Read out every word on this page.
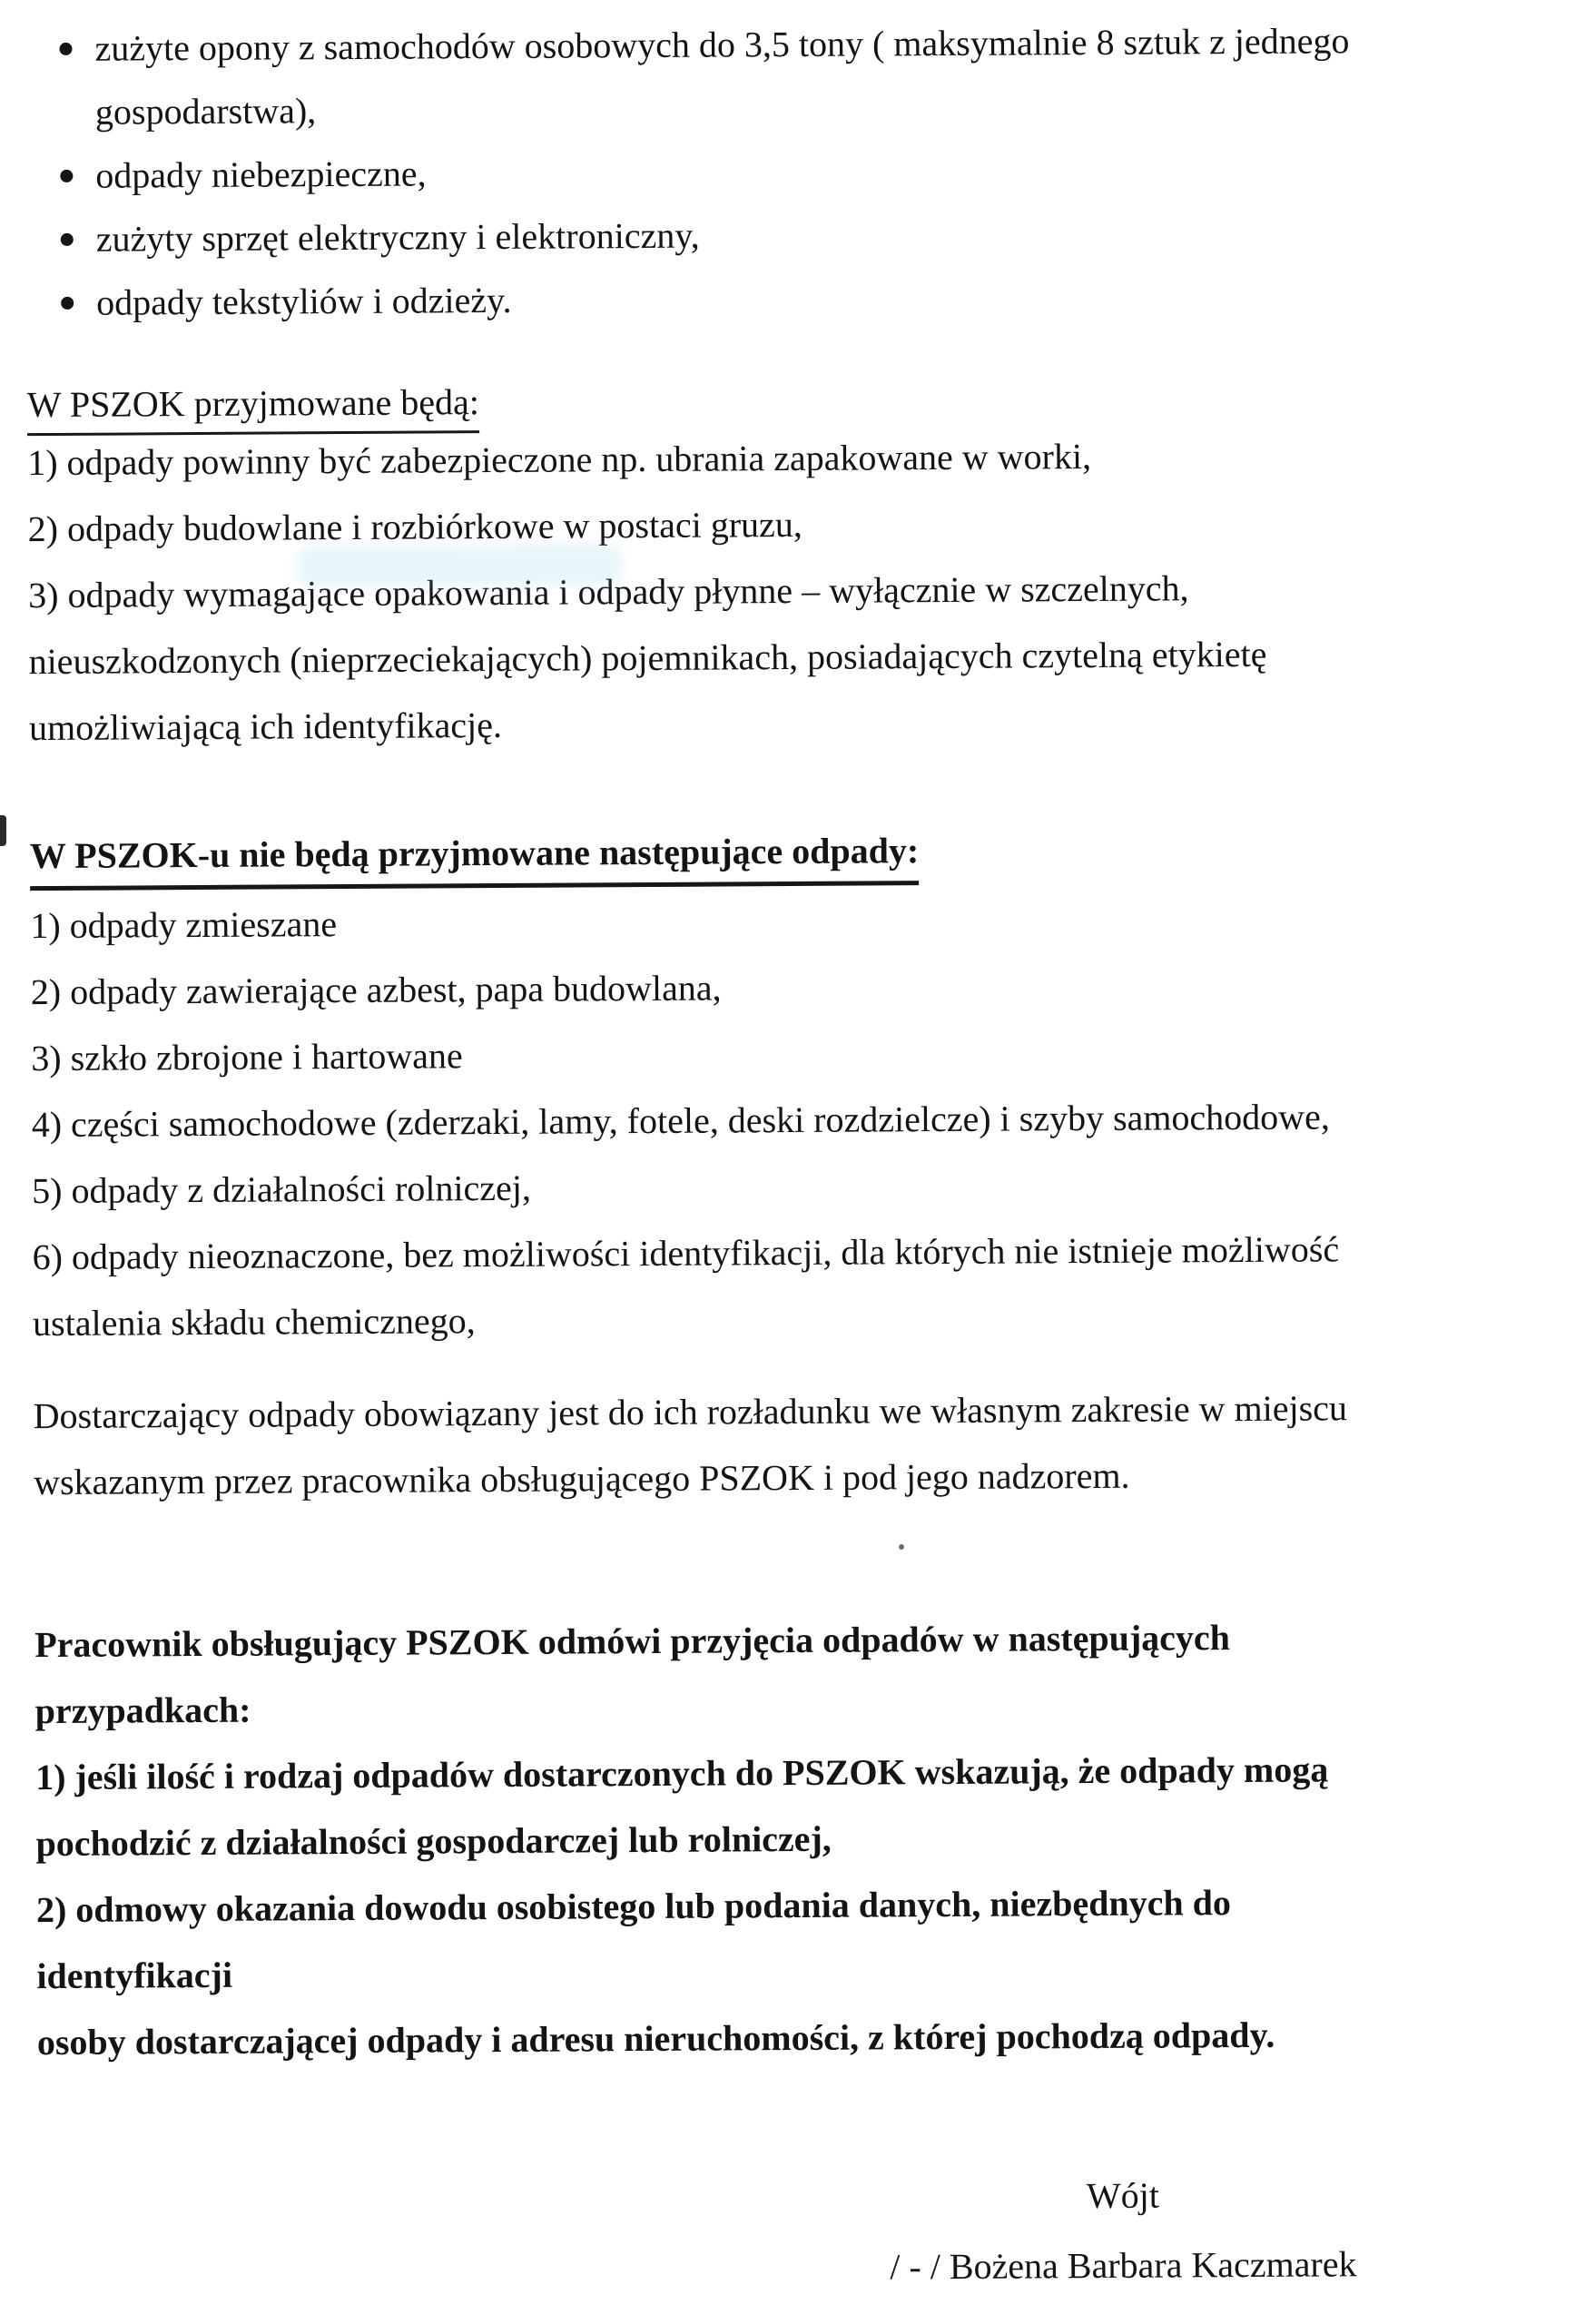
zużyte opony z samochodów osobowych do 3,5 tony ( maksymalnie 8 sztuk z jednego
gospodarstwa),
odpady niebezpieczne,
zużyty sprzęt elektryczny i elektroniczny,
odpady tekstyliów i odzieży.
W PSZOK przyjmowane będą:
1) odpady powinny być zabezpieczone np. ubrania zapakowane w worki,
2) odpady budowlane i rozbiórkowe w postaci gruzu,
3) odpady wymagające opakowania i odpady płynne – wyłącznie w szczelnych,
nieuszkodzonych (nieprzeciekających) pojemnikach, posiadających czytelną etykietę
umożliwiającą ich identyfikację.
W PSZOK-u nie będą przyjmowane następujące odpady:
1) odpady zmieszane
2) odpady zawierające azbest, papa budowlana,
3) szkło zbrojone i hartowane
4) części samochodowe (zderzaki, lamy, fotele, deski rozdzielcze) i szyby samochodowe,
5) odpady z działalności rolniczej,
6) odpady nieoznaczone, bez możliwości identyfikacji, dla których nie istnieje możliwość
ustalenia składu chemicznego,
Dostarczający odpady obowiązany jest do ich rozładunku we własnym zakresie w miejscu
wskazanym przez pracownika obsługującego PSZOK i pod jego nadzorem.
Pracownik obsługujący PSZOK odmówi przyjęcia odpadów w następujących
przypadkach:
1) jeśli ilość i rodzaj odpadów dostarczonych do PSZOK wskazują, że odpady mogą
pochodzić z działalności gospodarczej lub rolniczej,
2) odmowy okazania dowodu osobistego lub podania danych, niezbędnych do
identyfikacji
osoby dostarczającej odpady i adresu nieruchomości, z której pochodzą odpady.
Wójt
/ - / Bożena Barbara Kaczmarek
